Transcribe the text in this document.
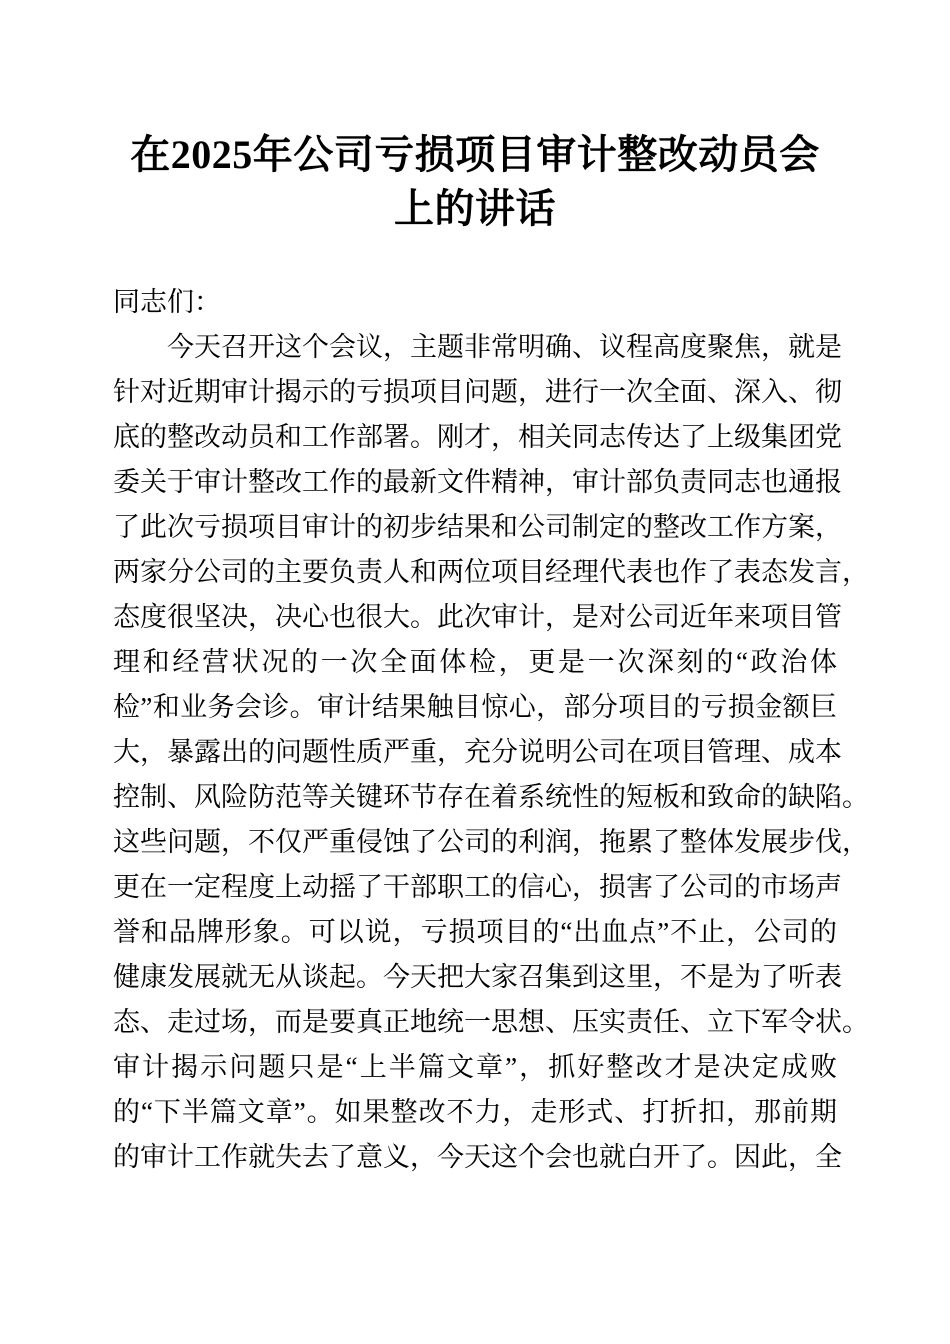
在2025年公司亏损项目审计整改动员会上的讲话
同志们：
今天召开这个会议，主题非常明确、议程高度聚焦，就是
针对近期审计揭示的亏损项目问题，进行一次全面、深入、彻
底的整改动员和工作部署。刚才，相关同志传达了上级集团党
委关于审计整改工作的最新文件精神，审计部负责同志也通报
了此次亏损项目审计的初步结果和公司制定的整改工作方案，
两家分公司的主要负责人和两位项目经理代表也作了表态发言，
态度很坚决，决心也很大。此次审计，是对公司近年来项目管
理和经营状况的一次全面体检，更是一次深刻的“政治体
检”和业务会诊。审计结果触目惊心，部分项目的亏损金额巨
大，暴露出的问题性质严重，充分说明公司在项目管理、成本
控制、风险防范等关键环节存在着系统性的短板和致命的缺陷。
这些问题，不仅严重侵蚀了公司的利润，拖累了整体发展步伐，
更在一定程度上动摇了干部职工的信心，损害了公司的市场声
誉和品牌形象。可以说，亏损项目的“出血点”不止，公司的
健康发展就无从谈起。今天把大家召集到这里，不是为了听表
态、走过场，而是要真正地统一思想、压实责任、立下军令状。
审计揭示问题只是“上半篇文章”，抓好整改才是决定成败
的“下半篇文章”。如果整改不力，走形式、打折扣，那前期
的审计工作就失去了意义，今天这个会也就白开了。因此，全
